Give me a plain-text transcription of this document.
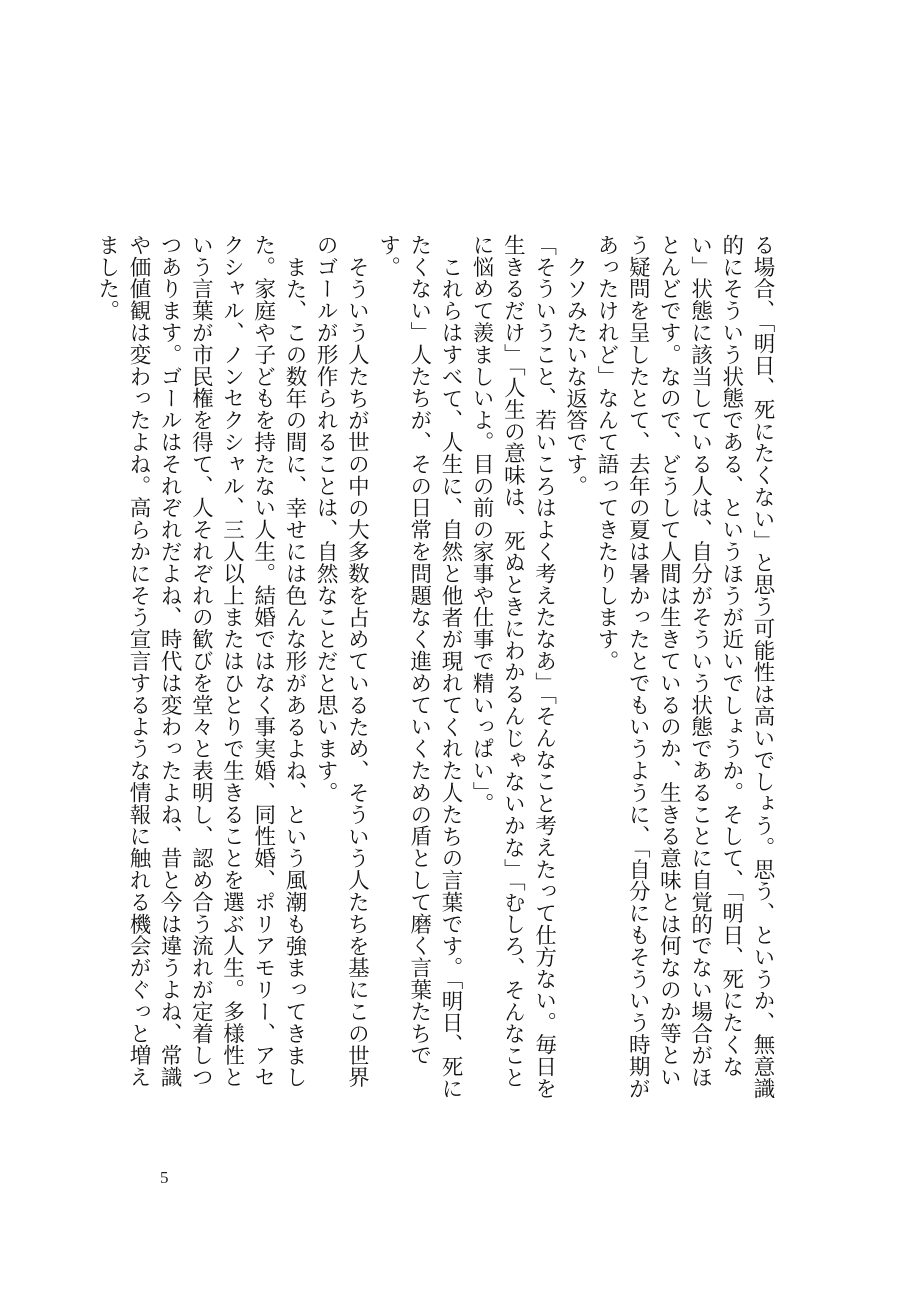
る場合、「明日、死にたくない」と思う可能性は高いでしょう。思う、というか、無意識的にそういう状態である、というほうが近いでしょうか。そして、「明日、死にたくない」状態に該当している人は、自分がそういう状態であることに自覚的でない場合がほとんどです。なので、どうして人間は生きているのか、生きる意味とは何なのか等という疑問を呈したとて、去年の夏は暑かったとでもいうように、「自分にもそういう時期があったけれど」なんて語ってきたりします。

クソみたいな返答です。

「そういうこと、若いころはよく考えたなあ」「そんなこと考えたって仕方ない。毎日を生きるだけ」「人生の意味は、死ぬときにわかるんじゃないかな」「むしろ、そんなことに悩めて羨ましいよ。目の前の家事や仕事で精いっぱい」。

これらはすべて、人生に、自然と他者が現れてくれた人たちの言葉です。「明日、死にたくない」人たちが、その日常を問題なく進めていくための盾として磨く言葉たちです。

そういう人たちが世の中の大多数を占めているため、そういう人たちを基にこの世界のゴールが形作られることは、自然なことだと思います。

また、この数年の間に、幸せには色んな形があるよね、という風潮も強まってきました。家庭や子どもを持たない人生。結婚ではなく事実婚、同性婚、ポリアモリー、アセクシャル、ノンセクシャル、三人以上またはひとりで生きることを選ぶ人生。多様性という言葉が市民権を得て、人それぞれの歓びを堂々と表明し、認め合う流れが定着しつつあります。ゴールはそれぞれだよね、時代は変わったよね、昔と今は違うよね、常識や価値観は変わったよね。高らかにそう宣言するような情報に触れる機会がぐっと増えました。

5
